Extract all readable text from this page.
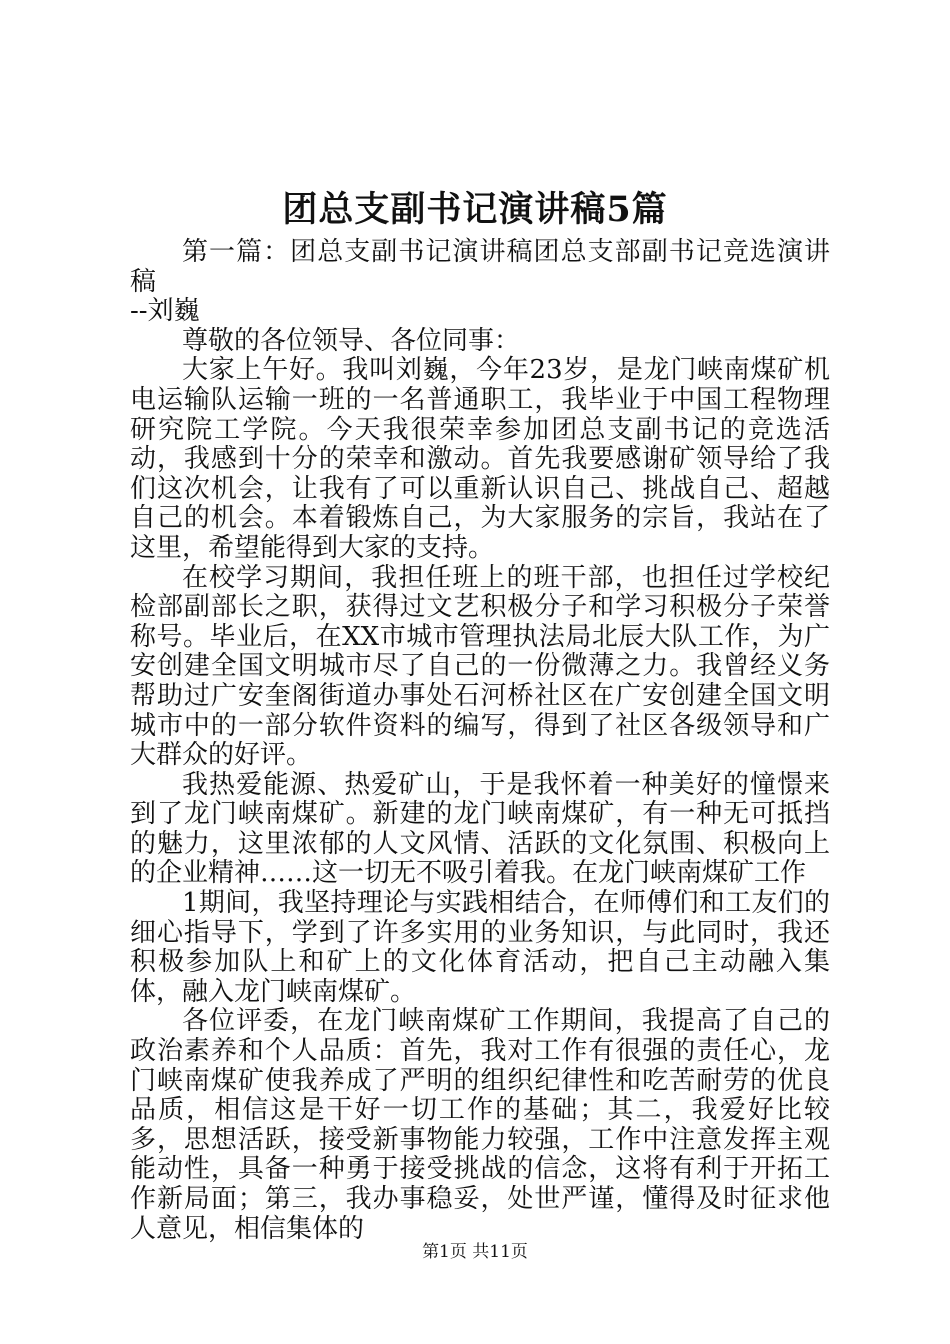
团总支副书记演讲稿5篇

第一篇：团总支副书记演讲稿团总支部副书记竞选演讲稿

--刘巍

尊敬的各位领导、各位同事：

大家上午好。我叫刘巍，今年23岁，是龙门峡南煤矿机电运输队运输一班的一名普通职工，我毕业于中国工程物理研究院工学院。今天我很荣幸参加团总支副书记的竞选活动，我感到十分的荣幸和激动。首先我要感谢矿领导给了我们这次机会，让我有了可以重新认识自己、挑战自己、超越自己的机会。本着锻炼自己，为大家服务的宗旨，我站在了这里，希望能得到大家的支持。

在校学习期间，我担任班上的班干部，也担任过学校纪检部副部长之职，获得过文艺积极分子和学习积极分子荣誉称号。毕业后，在XX市城市管理执法局北辰大队工作，为广安创建全国文明城市尽了自己的一份微薄之力。我曾经义务帮助过广安奎阁街道办事处石河桥社区在广安创建全国文明城市中的一部分软件资料的编写，得到了社区各级领导和广大群众的好评。

我热爱能源、热爱矿山，于是我怀着一种美好的憧憬来到了龙门峡南煤矿。新建的龙门峡南煤矿，有一种无可抵挡的魅力，这里浓郁的人文风情、活跃的文化氛围、积极向上的企业精神……这一切无不吸引着我。在龙门峡南煤矿工作

1期间，我坚持理论与实践相结合，在师傅们和工友们的细心指导下，学到了许多实用的业务知识，与此同时，我还积极参加队上和矿上的文化体育活动，把自己主动融入集体，融入龙门峡南煤矿。

各位评委，在龙门峡南煤矿工作期间，我提高了自己的政治素养和个人品质：首先，我对工作有很强的责任心，龙门峡南煤矿使我养成了严明的组织纪律性和吃苦耐劳的优良品质，相信这是干好一切工作的基础；其二，我爱好比较多，思想活跃，接受新事物能力较强，工作中注意发挥主观能动性，具备一种勇于接受挑战的信念，这将有利于开拓工作新局面；第三，我办事稳妥，处世严谨，懂得及时征求他人意见，相信集体的

第1页 共11页
